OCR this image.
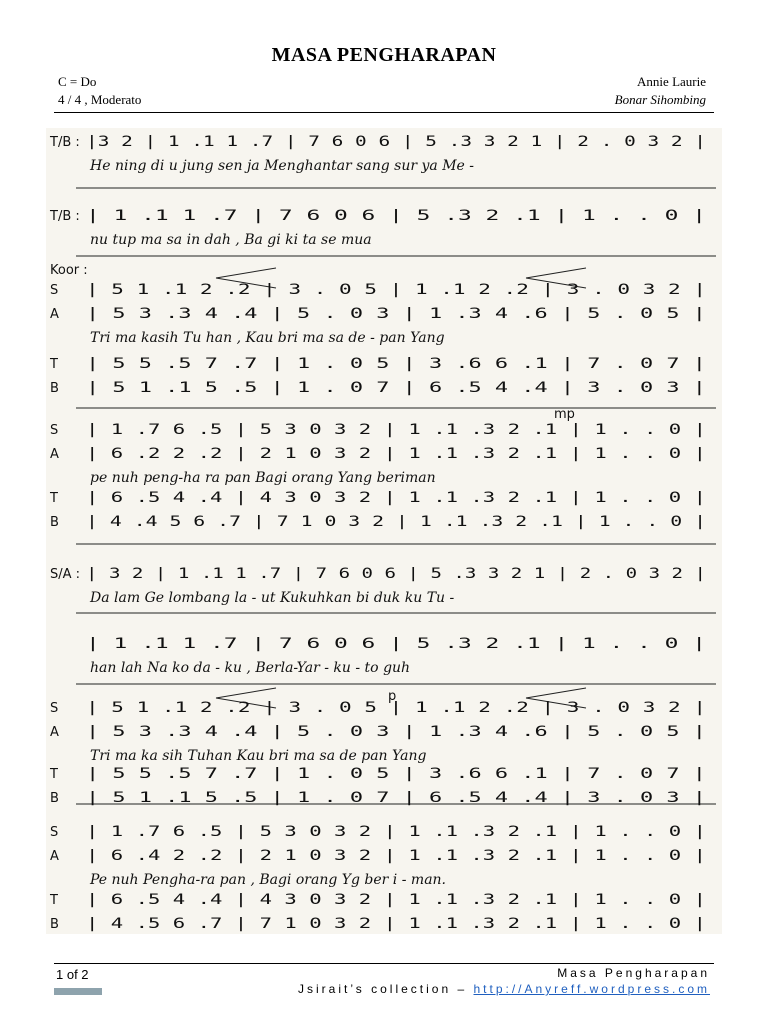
MASA PENGHARAPAN
C = Do
4 / 4 , Moderato
Annie Laurie
Bonar Sihombing
T/B : |3 2 | 1 .1 1 .7 | 7 6 0 6 | 5 .3 3 2 1 | 2 . 0 3 2 |
He ning di u jung sen ja Menghantar sang sur ya Me -
T/B : | 1 .1 1 .7 | 7 6 0 6 | 5 .3 2 .1 | 1 . . 0 |
nu tup ma sa in dah , Ba gi ki ta se mua
Koor :
S | 5 1 .1 2 .2 | 3 . 0 5 | 1 .1 2 .2 | 3 . 0 3 2 |
A | 5 3 .3 4 .4 | 5 . 0 3 | 1 .3 4 .6 | 5 . 0 5 |
Tri ma kasih Tu han , Kau bri ma sa de - pan Yang
T | 5 5 .5 7 .7 | 1 . 0 5 | 3 .6 6 .1 | 7 . 0 7 |
B | 5 1 .1 5 .5 | 1 . 0 7 | 6 .5 4 .4 | 3 . 0 3 |
S | 1 .7 6 .5 | 5 3 0 3 2 | 1 .1 .3 2 .1 | 1 . . 0 |
A | 6 .2 2 .2 | 2 1 0 3 2 | 1 .1 .3 2 .1 | 1 . . 0 |
pe nuh peng-ha ra pan Bagi orang Yang beriman
T | 6 .5 4 .4 | 4 3 0 3 2 | 1 .1 .3 2 .1 | 1 . . 0 |
B | 4 .4 5 6 .7 | 7 1 0 3 2 | 1 .1 .3 2 .1 | 1 . . 0 |
S/A : | 3 2 | 1 .1 1 .7 | 7 6 0 6 | 5 .3 3 2 1 | 2 . 0 3 2 |
Da lam Ge lombang la - ut Kukuhkan bi duk ku Tu -
| 1 .1 1 .7 | 7 6 0 6 | 5 .3 2 .1 | 1 . . 0 |
han lah Na ko da - ku , Berla-Yar - ku - to guh
S | 5 1 .1 2 .2 | 3 . 0 5 | 1 .1 2 .2 | 3 . 0 3 2 |
A | 5 3 .3 4 .4 | 5 . 0 3 | 1 .3 4 .6 | 5 . 0 5 |
Tri ma ka sih Tuhan Kau bri ma sa de pan Yang
T | 5 5 .5 7 .7 | 1 . 0 5 | 3 .6 6 .1 | 7 . 0 7 |
B | 5 1 .1 5 .5 | 1 . 0 7 | 6 .5 4 .4 | 3 . 0 3 |
S | 1 .7 6 .5 | 5 3 0 3 2 | 1 .1 .3 2 .1 | 1 . . 0 |
A | 6 .4 2 .2 | 2 1 0 3 2 | 1 .1 .3 2 .1 | 1 . . 0 |
Pe nuh Pengha-ra pan , Bagi orang Yg ber i - man.
T | 6 .5 4 .4 | 4 3 0 3 2 | 1 .1 .3 2 .1 | 1 . . 0 |
B | 4 .5 6 .7 | 7 1 0 3 2 | 1 .1 .3 2 .1 | 1 . . 0 |
mp
p
1 of 2	Masa Pengharapan
Jsirait’s collection – http://Anyreff.wordpress.com
